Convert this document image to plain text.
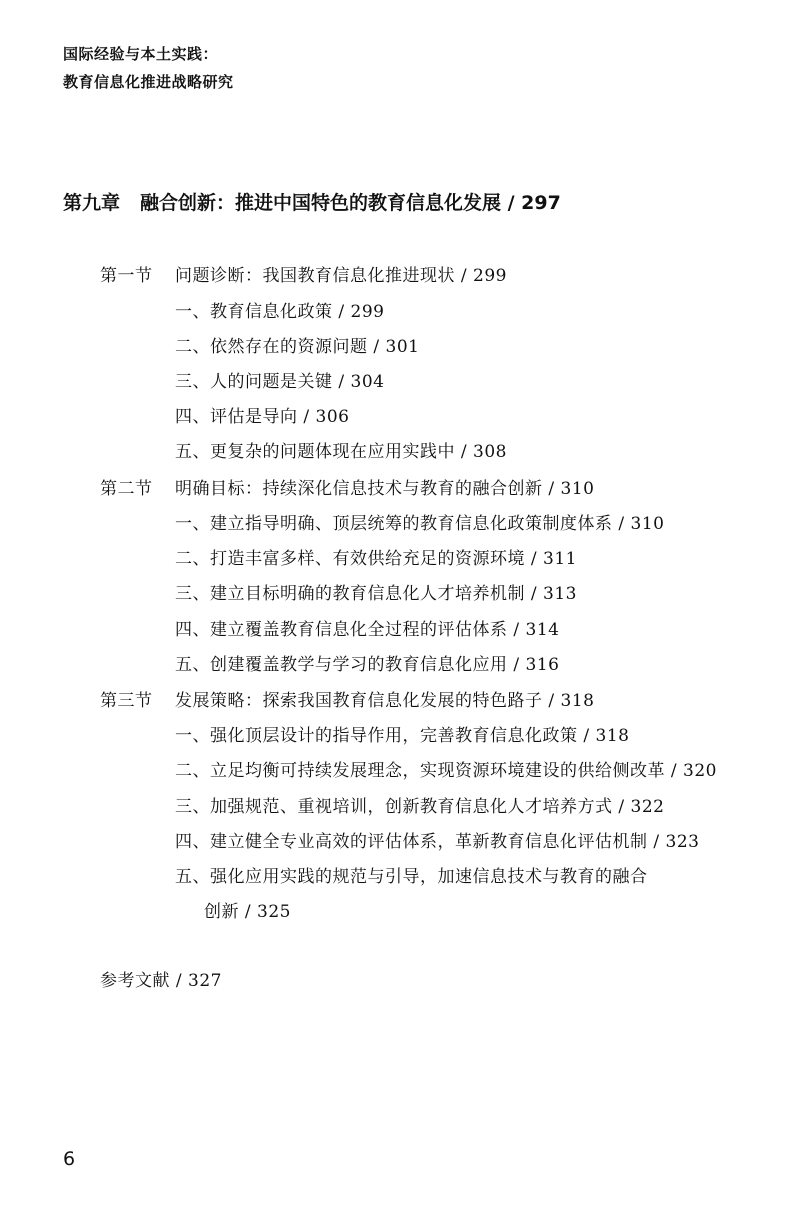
国际经验与本土实践：
教育信息化推进战略研究
第九章 融合创新：推进中国特色的教育信息化发展 / 297
第一节 问题诊断：我国教育信息化推进现状 / 299
一、教育信息化政策 / 299
二、依然存在的资源问题 / 301
三、人的问题是关键 / 304
四、评估是导向 / 306
五、更复杂的问题体现在应用实践中 / 308
第二节 明确目标：持续深化信息技术与教育的融合创新 / 310
一、建立指导明确、顶层统筹的教育信息化政策制度体系 / 310
二、打造丰富多样、有效供给充足的资源环境 / 311
三、建立目标明确的教育信息化人才培养机制 / 313
四、建立覆盖教育信息化全过程的评估体系 / 314
五、创建覆盖教学与学习的教育信息化应用 / 316
第三节 发展策略：探索我国教育信息化发展的特色路子 / 318
一、强化顶层设计的指导作用，完善教育信息化政策 / 318
二、立足均衡可持续发展理念，实现资源环境建设的供给侧改革 / 320
三、加强规范、重视培训，创新教育信息化人才培养方式 / 322
四、建立健全专业高效的评估体系，革新教育信息化评估机制 / 323
五、强化应用实践的规范与引导，加速信息技术与教育的融合
创新 / 325
参考文献 / 327
6
